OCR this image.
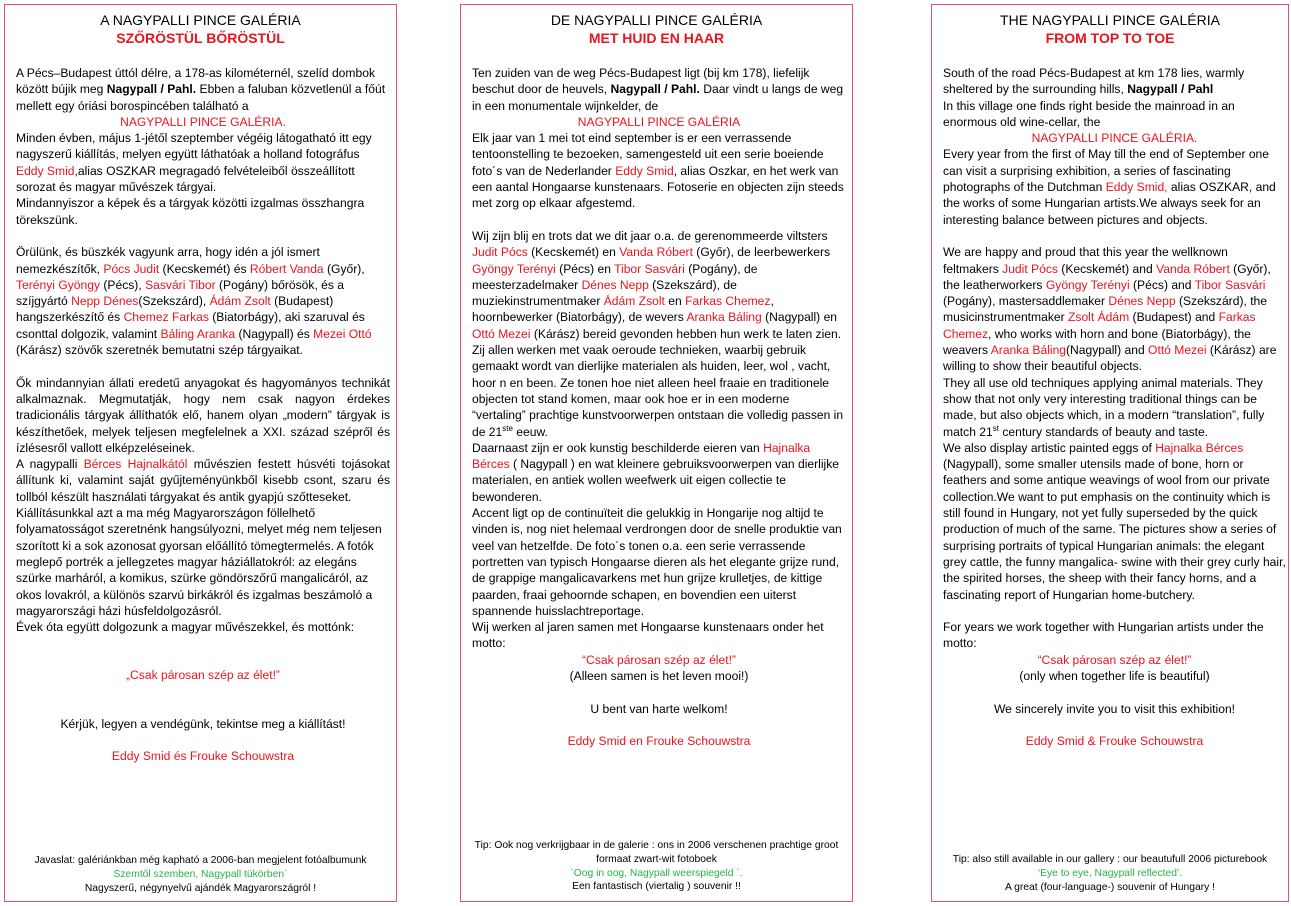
A NAGYPALLI PINCE GALÉRIA
SZŐRÖSTÜL BŐRÖSTÜL

A Pécs–Budapest úttól délre, a 178-as kilométernél, szelíd dombok között bújik meg Nagypall / Pahl. Ebben a faluban közvetlenül a főút mellett egy óriási borospincében található a

NAGYPALLI PINCE GALÉRIA.

Minden évben, május 1-jétől szeptember végéig látogatható itt egy nagyszerű kiállítás, melyen együtt láthatóak a holland fotográfus Eddy Smid,alias OSZKAR megragadó felvételeiből összeállított sorozat és magyar művészek tárgyai.

Mindannyiszor a képek és a tárgyak közötti izgalmas összhangra törekszünk.

Örülünk, és büszkék vagyunk arra, hogy idén a jól ismert nemezkészítők, Pócs Judit (Kecskemét) és Róbert Vanda (Győr), Terényi Gyöngy (Pécs), Sasvári Tibor (Pogány) bőrösök, és a szíjgyártó Nepp Dénes(Szekszárd), Ádám Zsolt (Budapest) hangszerkészítő és Chemez Farkas (Biatorbágy), aki szaruval és csonttal dolgozik, valamint Báling Aranka (Nagypall) és Mezei Ottó (Kárász) szövők szeretnék bemutatni szép tárgyaikat.

Ők mindannyian állati eredetű anyagokat és hagyományos technikát alkalmaznak. Megmutatják, hogy nem csak nagyon érdekes tradicionális tárgyak állíthatók elő, hanem olyan „modern” tárgyak is készíthetőek, melyek teljesen megfelelnek a XXI. század szépről és ízlésesről vallott elképzeléseinek.

A nagypalli Bérces Hajnalkától művészien festett húsvéti tojásokat állítunk ki, valamint saját gyűjteményünkből kisebb csont, szaru és tollból készült használati tárgyakat és antik gyapjú szőtteseket.

Kiállításunkkal azt a ma még Magyarországon föllelhető folyamatosságot szeretnénk hangsúlyozni, melyet még nem teljesen szorított ki a sok azonosat gyorsan előállító tömegtermelés. A fotók meglepő portrék a jellegzetes magyar háziállatokról: az elegáns szürke marháról, a komikus, szürke göndörszőrű mangalicáról, az okos lovakról, a különös szarvú birkákról és izgalmas beszámoló a magyarországi házi húsfeldolgozásról.

Évek óta együtt dolgozunk a magyar művészekkel, és mottónk:

„Csak párosan szép az élet!”

Kérjük, legyen a vendégünk, tekintse meg a kiállítást!

Eddy Smid és Frouke Schouwstra

Javaslat: galériánkban még kapható a 2006-ban megjelent fotóalbumunk
Szemtől szemben, Nagypall tükörben`
Nagyszerű, négynyelvű ajándék Magyarországról !
DE NAGYPALLI PINCE GALÉRIA
MET HUID EN HAAR

Ten zuiden van de weg Pécs-Budapest ligt (bij km 178), liefelijk beschut door de heuvels, Nagypall / Pahl. Daar vindt u langs de weg in een monumentale wijnkelder, de

NAGYPALLI PINCE GALÉRIA

Elk jaar van 1 mei tot eind september is er een verrassende tentoonstelling te bezoeken, samengesteld uit een serie boeiende foto´s van de Nederlander Eddy Smid, alias Oszkar, en het werk van een aantal Hongaarse kunstenaars. Fotoserie en objecten zijn steeds met zorg op elkaar afgestemd.

Wij zijn blij en trots dat we dit jaar o.a. de gerenommeerde viltsters Judit Pócs (Kecskemét) en Vanda Róbert (Győr), de leerbewerkers Gyöngy Terényi (Pécs) en Tibor Sasvári (Pogány), de meesterzadelmaker Dénes Nepp (Szekszárd), de muziekinstrumentmaker Ádám Zsolt en Farkas Chemez, hoornbewerker (Biatorbágy), de wevers Aranka Báling (Nagypall) en Ottó Mezei (Kárász) bereid gevonden hebben hun werk te laten zien.

Zij allen werken met vaak oeroude technieken, waarbij gebruik gemaakt wordt van dierlijke materialen als huiden, leer, wol , vacht, hoor n en been. Ze tonen hoe niet alleen heel fraaie en traditionele objecten tot stand komen, maar ook hoe er in een moderne “vertaling” prachtige kunstvoorwerpen ontstaan die volledig passen in de 21ste eeuw.

Daarnaast zijn er ook kunstig beschilderde eieren van Hajnalka Bérces ( Nagypall ) en wat kleinere gebruiksvoorwerpen van dierlijke materialen, en antiek wollen weefwerk uit eigen collectie te bewonderen.

Accent ligt op de continuïteit die gelukkig in Hongarije nog altijd te vinden is, nog niet helemaal verdrongen door de snelle produktie van veel van hetzelfde. De foto´s tonen o.a. een serie verrassende portretten van typisch Hongaarse dieren als het elegante grijze rund, de grappige mangalicavarkens met hun grijze krulletjes, de kittige paarden, fraai gehoornde schapen, en bovendien een uiterst spannende huisslachtreportage.

Wij werken al jaren samen met Hongaarse kunstenaars onder het motto:

“Csak párosan szép az élet!”

(Alleen samen is het leven mooi!)

U bent van harte welkom!

Eddy Smid en Frouke Schouwstra

Tip: Ook nog verkrijgbaar in de galerie : ons in 2006 verschenen prachtige groot formaat zwart-wit fotoboek
´Oog in oog, Nagypall weerspiegeld ´.
Een fantastisch (viertalig ) souvenir !!
THE NAGYPALLI PINCE GALÉRIA
FROM TOP TO TOE

South of the road Pécs-Budapest at km 178 lies, warmly sheltered by the surrounding hills, Nagypall / Pahl

In this village one finds right beside the mainroad in an enormous old wine-cellar, the

NAGYPALLI PINCE GALÉRIA.

Every year from the first of May till the end of September one can visit a surprising exhibition, a series of fascinating photographs of the Dutchman Eddy Smid, alias OSZKAR, and the works of some Hungarian artists.We always seek for an interesting balance between pictures and objects.

We are happy and proud that this year the wellknown feltmakers Judit Pócs (Kecskemét) and Vanda Róbert (Győr), the leatherworkers Gyöngy Terényi (Pécs) and Tibor Sasvári (Pogány), mastersaddlemaker Dénes Nepp (Szekszárd), the musicinstrumentmaker Zsolt Ádám (Budapest) and Farkas Chemez, who works with horn and bone (Biatorbágy), the weavers Aranka Báling(Nagypall) and Ottó Mezei (Kárász) are willing to show their beautiful objects.

They all use old techniques applying animal materials. They show that not only very interesting traditional things can be made, but also objects which, in a modern “translation”, fully match 21st century standards of beauty and taste.

We also display artistic painted eggs of Hajnalka Bérces (Nagypall), some smaller utensils made of bone, horn or feathers and some antique weavings of wool from our private collection.We want to put emphasis on the continuity which is still found in Hungary, not yet fully superseded by the quick production of much of the same. The pictures show a series of surprising portraits of typical Hungarian animals: the elegant grey cattle, the funny mangalica- swine with their grey curly hair, the spirited horses, the sheep with their fancy horns, and a fascinating report of Hungarian home-butchery.

For years we work together with Hungarian artists under the motto:

“Csak párosan szép az élet!”

(only when together life is beautiful)

We sincerely invite you to visit this exhibition!

Eddy Smid & Frouke Schouwstra

Tip: also still available in our gallery : our beautufull 2006 picturebook
‘Eye to eye, Nagypall reflected’.
A great (four-language-) souvenir of Hungary !
